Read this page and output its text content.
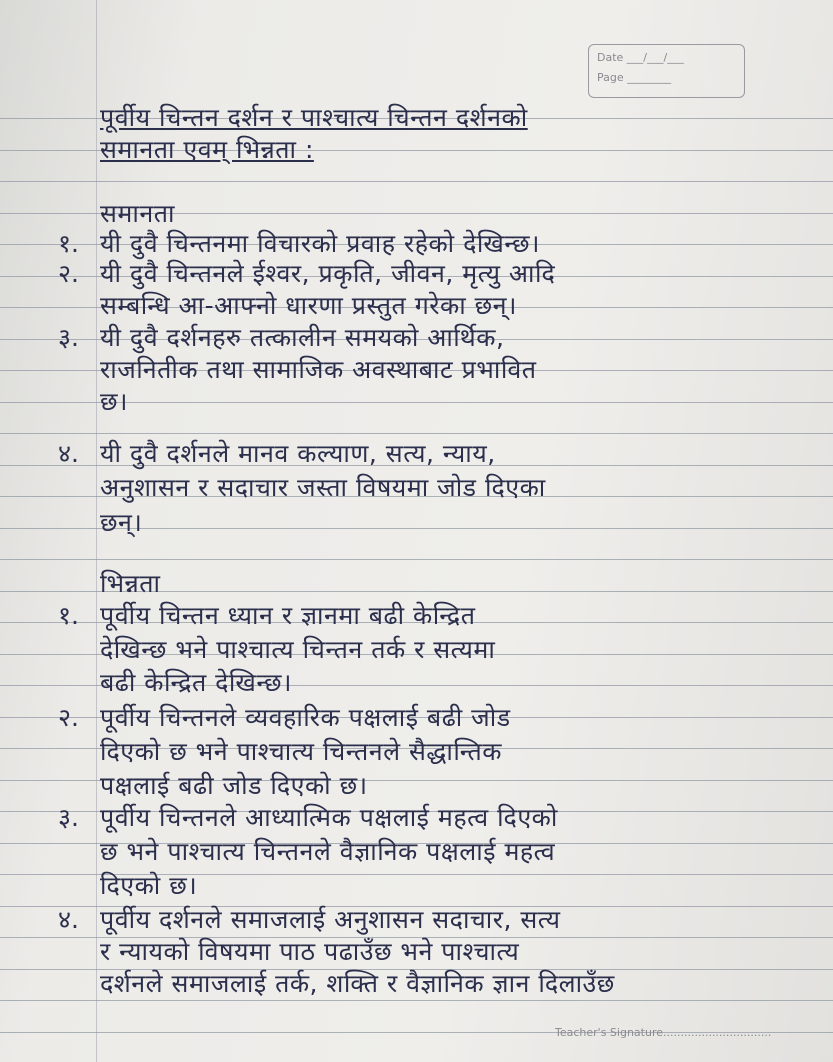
Date ___/___/___
Page ________
पूर्वीय चिन्तन दर्शन र पाश्चात्य चिन्तन दर्शनको
समानता एवम् भिन्नता :
समानता
१. यी दुवै चिन्तनमा विचारको प्रवाह रहेको देखिन्छ।
२. यी दुवै चिन्तनले ईश्वर, प्रकृति, जीवन, मृत्यु आदि
सम्बन्धि आ-आफ्नो धारणा प्रस्तुत गरेका छन्।
३. यी दुवै दर्शनहरु तत्कालीन समयको आर्थिक,
राजनितीक तथा सामाजिक अवस्थाबाट प्रभावित
छ।
४. यी दुवै दर्शनले मानव कल्याण, सत्य, न्याय,
अनुशासन र सदाचार जस्ता विषयमा जोड दिएका
छन्।
भिन्नता
१. पूर्वीय चिन्तन ध्यान र ज्ञानमा बढी केन्द्रित
देखिन्छ भने पाश्चात्य चिन्तन तर्क र सत्यमा
बढी केन्द्रित देखिन्छ।
२. पूर्वीय चिन्तनले व्यवहारिक पक्षलाई बढी जोड
दिएको छ भने पाश्चात्य चिन्तनले सैद्धान्तिक
पक्षलाई बढी जोड दिएको छ।
३. पूर्वीय चिन्तनले आध्यात्मिक पक्षलाई महत्व दिएको
छ भने पाश्चात्य चिन्तनले वैज्ञानिक पक्षलाई महत्व
दिएको छ।
४. पूर्वीय दर्शनले समाजलाई अनुशासन सदाचार, सत्य
र न्यायको विषयमा पाठ पढाउँछ भने पाश्चात्य
दर्शनले समाजलाई तर्क, शक्ति र वैज्ञानिक ज्ञान दिलाउँछ
Teacher's Signature...............................
